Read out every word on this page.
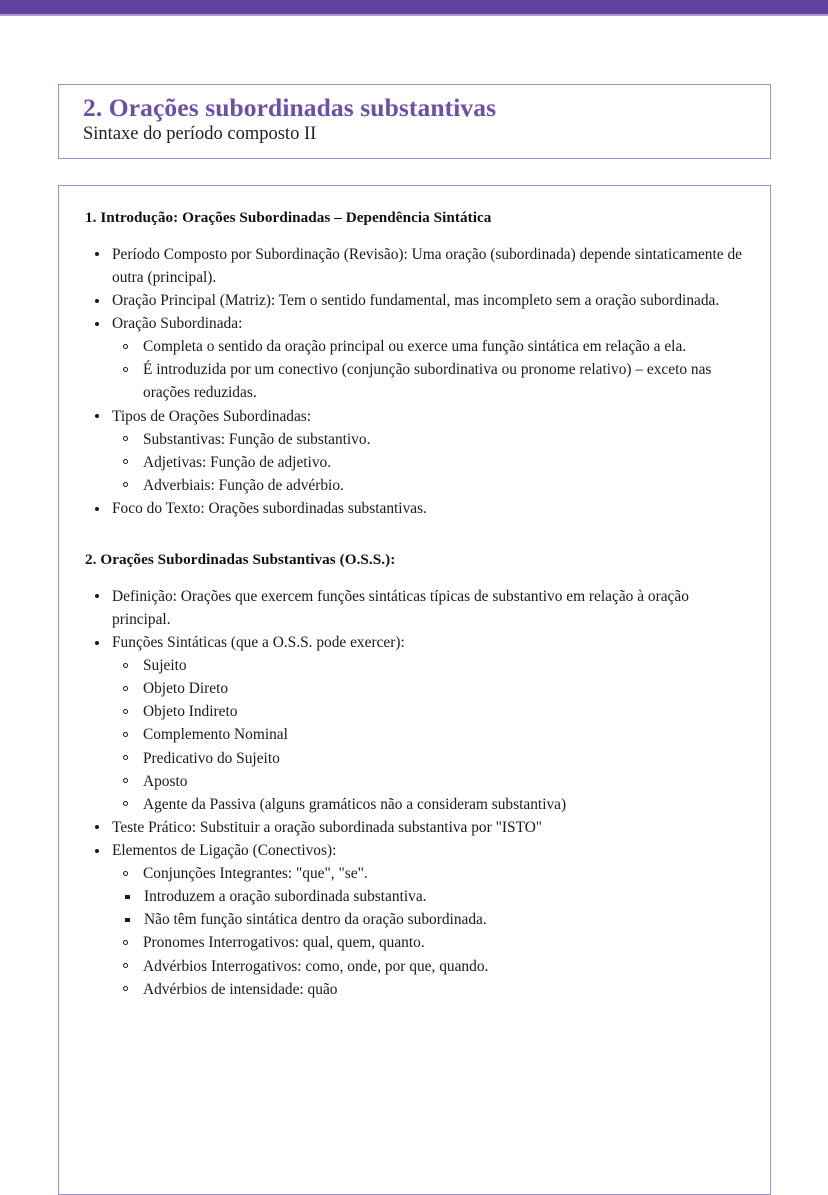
2. Orações subordinadas substantivas
Sintaxe do período composto II
1. Introdução: Orações Subordinadas – Dependência Sintática
Período Composto por Subordinação (Revisão): Uma oração (subordinada) depende sintaticamente de outra (principal).
Oração Principal (Matriz): Tem o sentido fundamental, mas incompleto sem a oração subordinada.
Oração Subordinada:
Completa o sentido da oração principal ou exerce uma função sintática em relação a ela.
É introduzida por um conectivo (conjunção subordinativa ou pronome relativo) – exceto nas orações reduzidas.
Tipos de Orações Subordinadas:
Substantivas: Função de substantivo.
Adjetivas: Função de adjetivo.
Adverbiais: Função de advérbio.
Foco do Texto: Orações subordinadas substantivas.
2. Orações Subordinadas Substantivas (O.S.S.):
Definição: Orações que exercem funções sintáticas típicas de substantivo em relação à oração principal.
Funções Sintáticas (que a O.S.S. pode exercer):
Sujeito
Objeto Direto
Objeto Indireto
Complemento Nominal
Predicativo do Sujeito
Aposto
Agente da Passiva (alguns gramáticos não a consideram substantiva)
Teste Prático: Substituir a oração subordinada substantiva por "ISTO"
Elementos de Ligação (Conectivos):
Conjunções Integrantes: "que", "se".
Introduzem a oração subordinada substantiva.
Não têm função sintática dentro da oração subordinada.
Pronomes Interrogativos: qual, quem, quanto.
Advérbios Interrogativos: como, onde, por que, quando.
Advérbios de intensidade: quão
